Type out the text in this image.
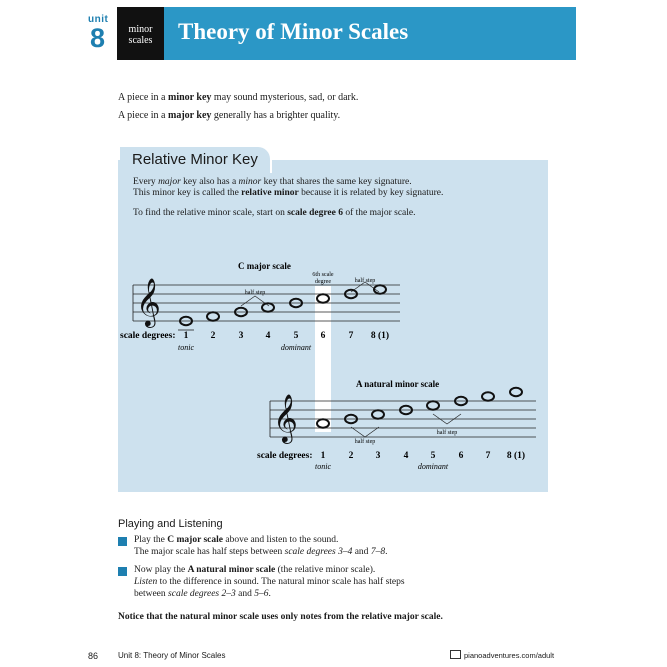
unit
8	minor
scales	Theory of Minor Scales

A piece in a minor key may sound mysterious, sad, or dark.

A piece in a major key generally has a brighter quality.

Relative Minor Key

Every major key also has a minor key that shares the same key signature.

This minor key is called the relative minor because it is related by key signature.

To find the relative minor scale, start on scale degree 6 of the major scale.

𝄞
C major scale
6th scale
degree
half step
half step
scale degrees: 1 2 3 4 5 6 7 8 (1)
tonic	dominant
A natural minor scale
𝄞	half step
half step
scale degrees: 1 2 3 4 5 6 7 8 (1)
tonic	dominant
Playing and Listening

Play the C major scale above and listen to the sound.

The major scale has half steps between scale degrees 3–4 and 7–8.

Now play the A natural minor scale (the relative minor scale).

Listen to the difference in sound. The natural minor scale has half steps

between scale degrees 2–3 and 5–6.

Notice that the natural minor scale uses only notes from the relative major scale.

86 Unit 8: Theory of Minor Scales	pianoadventures.com/adult
